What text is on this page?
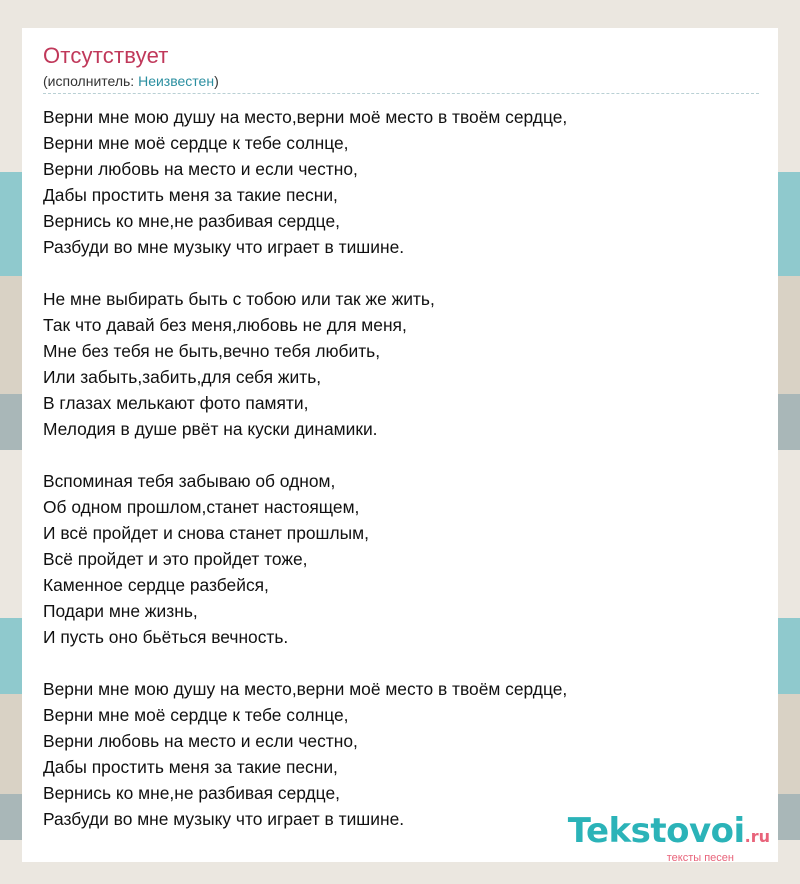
Отсутствует
(исполнитель: Неизвестен)
Верни мне мою душу на место,верни моё место в твоём сердце,
Верни мне моё сердце к тебе солнце,
Верни любовь на место и если честно,
Дабы простить меня за такие песни,
Вернись ко мне,не разбивая сердце,
Разбуди во мне музыку что играет в тишине.
Не мне выбирать быть с тобою или так же жить,
Так что давай без меня,любовь не для меня,
Мне без тебя не быть,вечно тебя любить,
Или забыть,забить,для себя жить,
В глазах мелькают фото памяти,
Мелодия в душе рвёт на куски динамики.
Вспоминая тебя забываю об одном,
Об одном прошлом,станет настоящем,
И всё пройдет и снова станет прошлым,
Всё пройдет и это пройдет тоже,
Каменное сердце разбейся,
Подари мне жизнь,
И пусть оно бьёться вечность.
Верни мне мою душу на место,верни моё место в твоём сердце,
Верни мне моё сердце к тебе солнце,
Верни любовь на место и если честно,
Дабы простить меня за такие песни,
Вернись ко мне,не разбивая сердце,
Разбуди во мне музыку что играет в тишине.	Tekstovoi.ru
тексты песен
